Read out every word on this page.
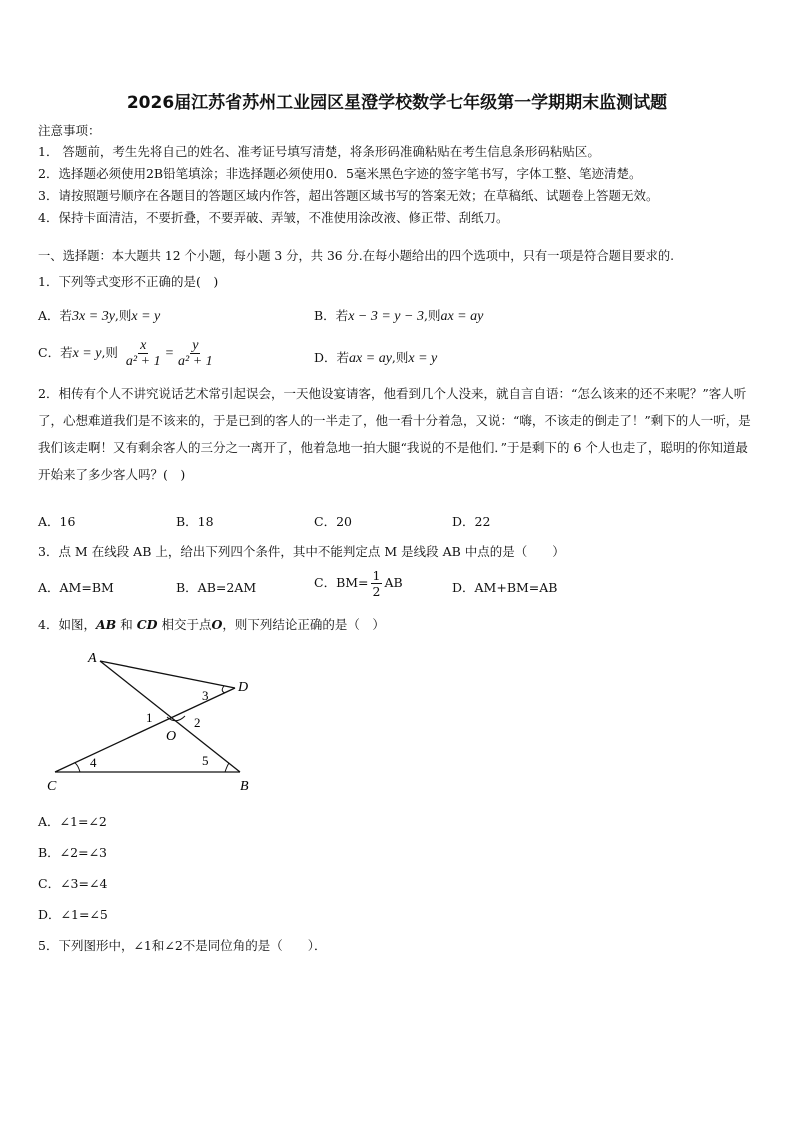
2026届江苏省苏州工业园区星澄学校数学七年级第一学期期末监测试题
注意事项：
1． 答题前，考生先将自己的姓名、准考证号填写清楚，将条形码准确粘贴在考生信息条形码粘贴区。
2．选择题必须使用2B铅笔填涂；非选择题必须使用0．5毫米黑色字迹的签字笔书写，字体工整、笔迹清楚。
3．请按照题号顺序在各题目的答题区域内作答，超出答题区域书写的答案无效；在草稿纸、试题卷上答题无效。
4．保持卡面清洁，不要折叠，不要弄破、弄皱，不准使用涂改液、修正带、刮纸刀。
一、选择题：本大题共 12 个小题，每小题 3 分，共 36 分.在每小题给出的四个选项中，只有一项是符合题目要求的.
1．下列等式变形不正确的是(　)
A．若3x = 3y,则x = y	B．若x − 3 = y − 3,则ax = ay
C．若x = y,则 $\frac{x}{\text{a² + 1}} = \frac{y}{\text{a² + 1}}$	D．若ax = ay,则x = y
2．相传有个人不讲究说话艺术常引起误会，一天他设宴请客，他看到几个人没来，就自言自语：“怎么该来的还不来呢？”客人听了，心想难道我们是不该来的，于是已到的客人的一半走了，他一看十分着急，又说：“嗨，不该走的倒走了！”剩下的人一听，是我们该走啊！又有剩余客人的三分之一离开了，他着急地一拍大腿“我说的不是他们．”于是剩下的 6 个人也走了，聪明的你知道最开始来了多少客人吗？(　)
A．16	B．18	C．20	D．22
3．点 M 在线段 AB 上，给出下列四个条件，其中不能判定点 M 是线段 AB 中点的是（　　）
A．AM=BM	B．AB=2AM	C．$BM= \frac{1}{2}$ AB	D．AM+BM=AB
4．如图，AB 和 CD 相交于点O，则下列结论正确的是（　）
A
D
3
1	2
O
4	5
C	B
A．∠1=∠2
B．∠2=∠3
C．∠3=∠4
D．∠1=∠5
5．下列图形中，∠1和∠2不是同位角的是（　　）．
